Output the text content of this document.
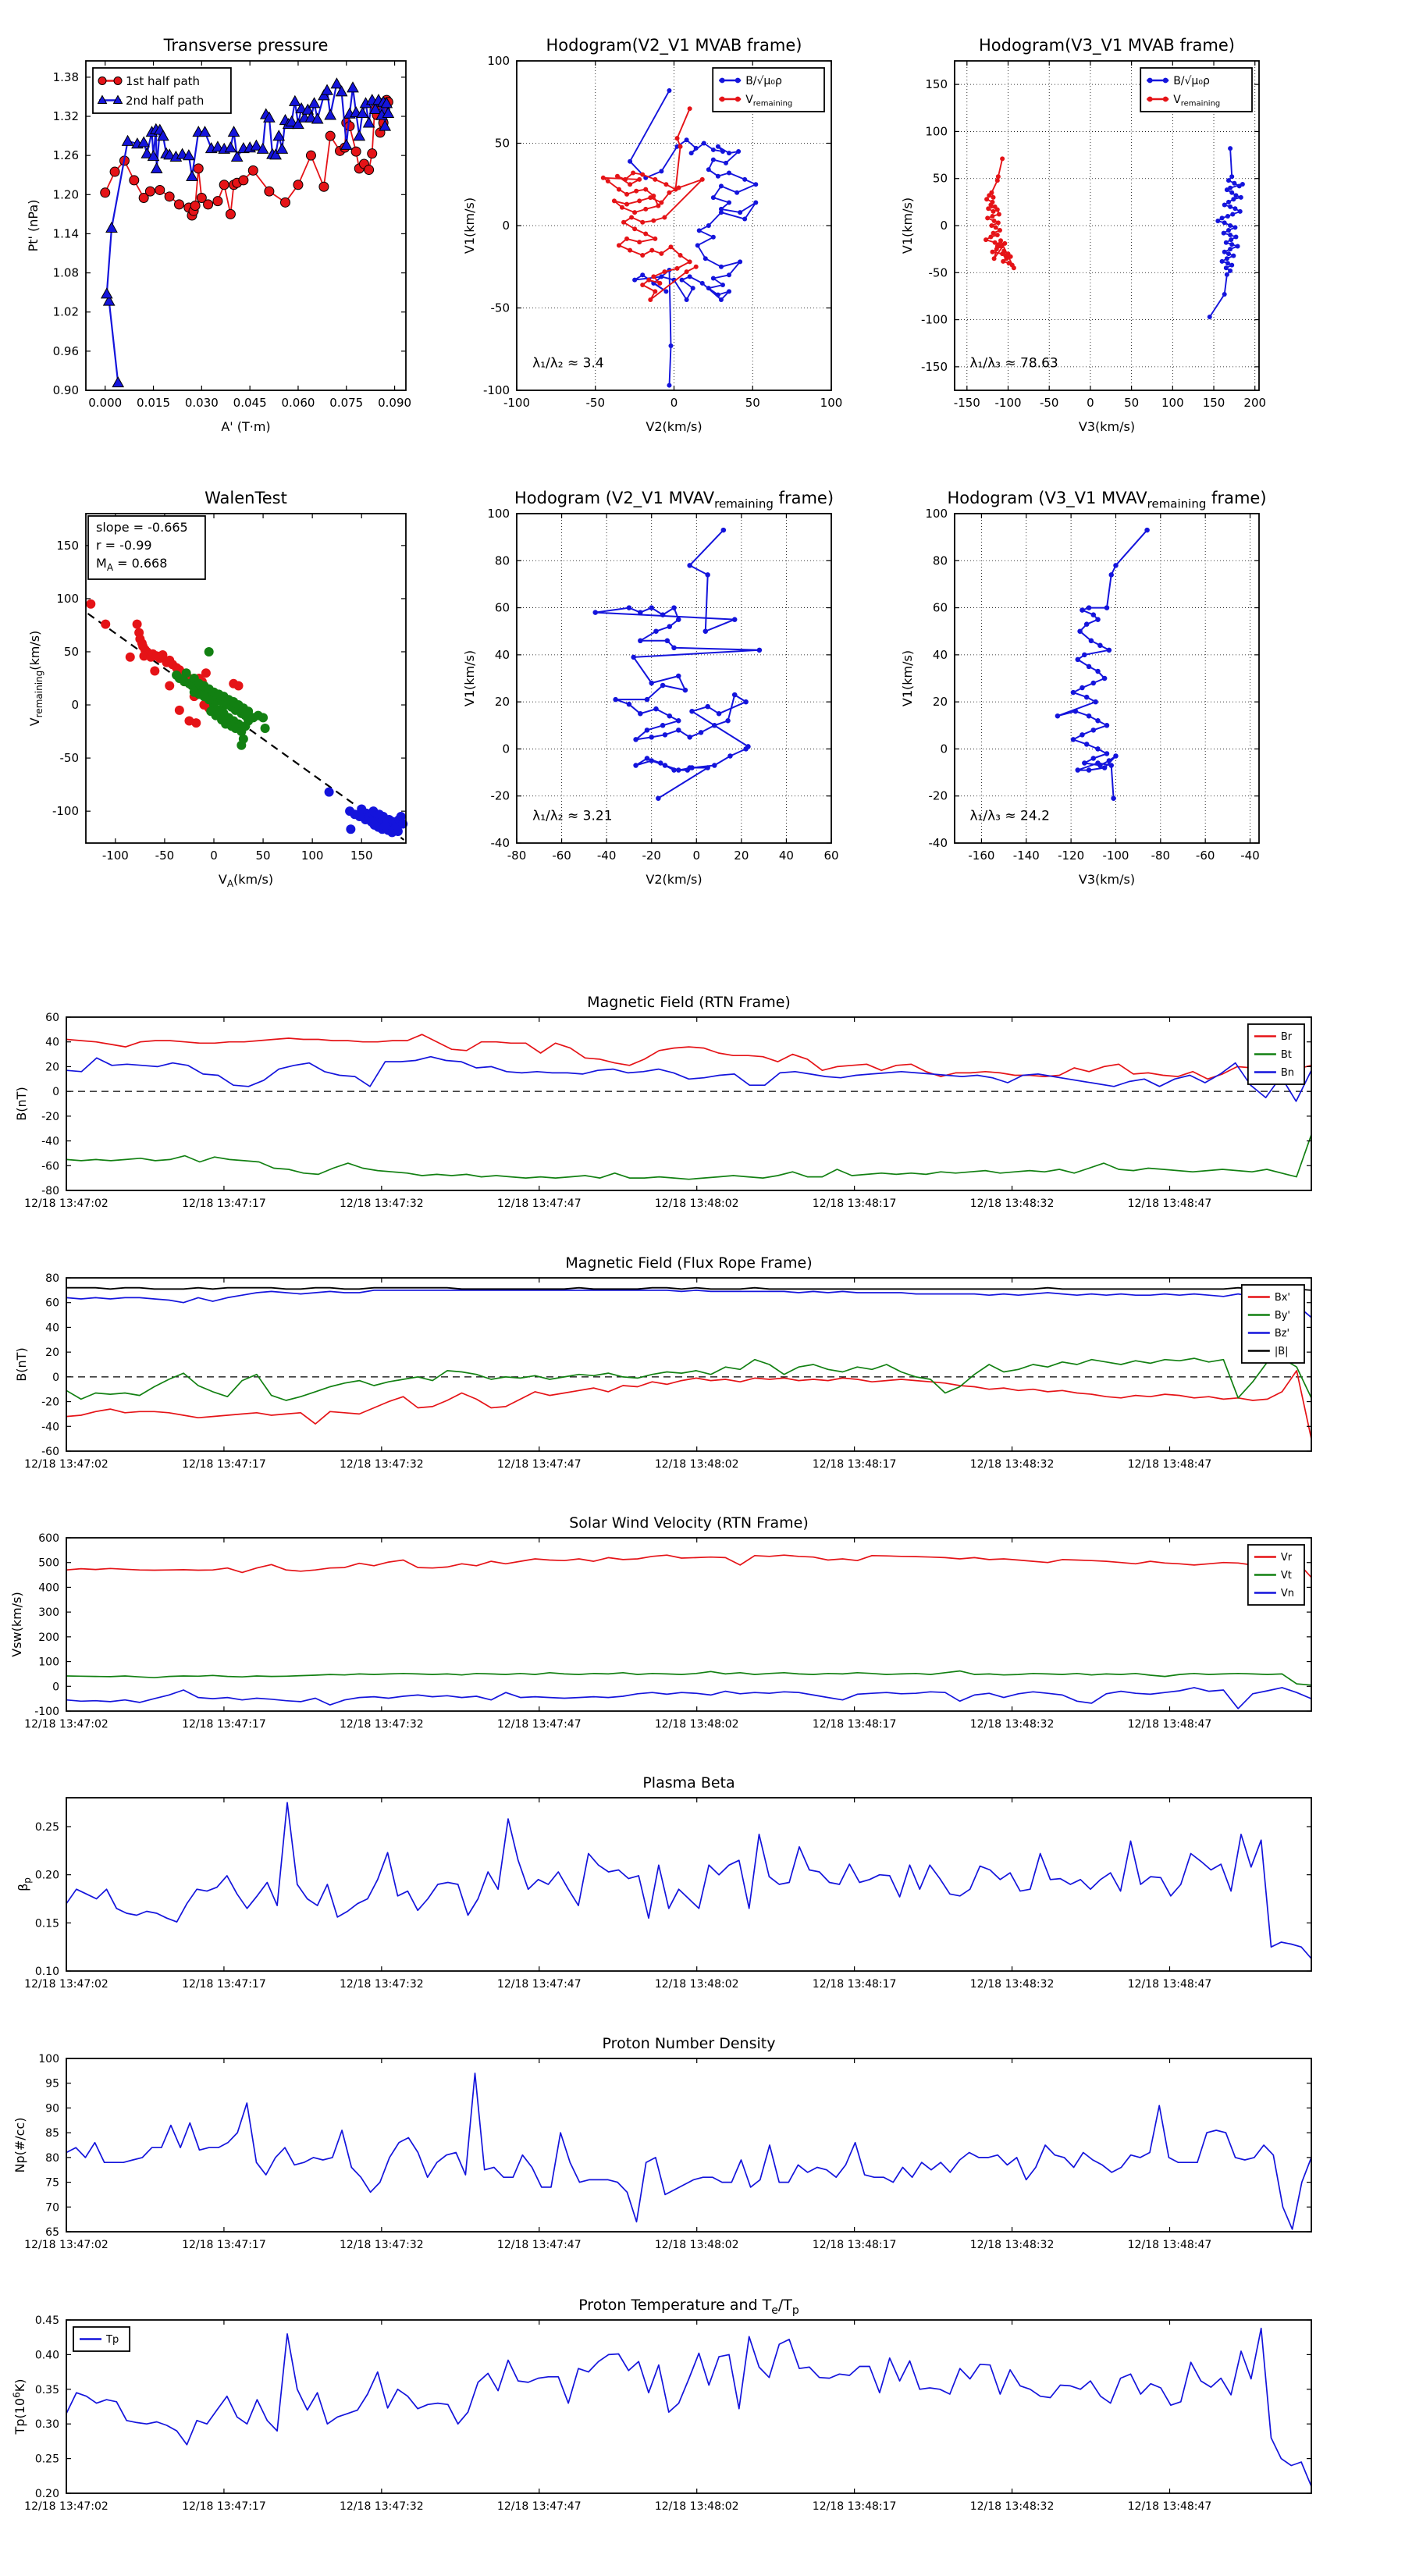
0.000 0.015 0.030 0.045 0.060 0.075 0.090
0.90
0.96
1.02
1.08
1.14
1.20
1.26
1.32
1.38
A' (T·m)
Pt' (nPa)
Transverse pressure
1st half path
2nd half path
-100	-50	0	50	100
-100
-50
0
50
100
V2(km/s)
V1(km/s)
Hodogram(V2_V1 MVAB frame)
λ₁/λ₂ ≈ 3.4
B/√μ₀ρ
$V_{remaining}$
-150 -100 -50 0	50 100 150 200
-150
-100
-50
0
50
100
150
V3(km/s)
V1(km/s)
Hodogram(V3_V1 MVAB frame)
λ₁/λ₃ ≈ 78.63
B/√μ₀ρ
$V_{remaining}$
-100 -50	0	50	100 150
-100
-50
0
50
100
150
$V_A(km/s)$
$V_{remaining}(km/s)$
WalenTest
slope = -0.665
r = -0.99
$M_A = 0.668$
-80 -60 -40 -20	0	20	40	60
-40
-20
0
20
40
60
80
100
V2(km/s)
V1(km/s)
Hodogram (V2_V1 $MVAV_{remaining}$ frame)
λ₁/λ₂ ≈ 3.21
-160 -140 -120 -100 -80 -60 -40
-40
-20
0
20
40
60
80
100
V3(km/s)
V1(km/s)
Hodogram (V3_V1 $MVAV_{remaining}$ frame)
λ₁/λ₃ ≈ 24.2
12/18 13:47:02	12/18 13:47:17	12/18 13:47:32	12/18 13:47:47	12/18 13:48:02	12/18 13:48:17	12/18 13:48:32	12/18 13:48:47
-80
-60
-40
-20
0
20
40
60
B(nT)
Magnetic Field (RTN Frame)
Br
Bt
Bn
12/18 13:47:02	12/18 13:47:17	12/18 13:47:32	12/18 13:47:47	12/18 13:48:02	12/18 13:48:17	12/18 13:48:32	12/18 13:48:47
-60
-40
-20
0
20
40
60
80
B(nT)
Magnetic Field (Flux Rope Frame)
Bx'
By'
Bz'
|B|
12/18 13:47:02	12/18 13:47:17	12/18 13:47:32	12/18 13:47:47	12/18 13:48:02	12/18 13:48:17	12/18 13:48:32	12/18 13:48:47
-100
0
100
200
300
400
500
600
Vsw(km/s)
Solar Wind Velocity (RTN Frame)
Vr
Vt
Vn
12/18 13:47:02	12/18 13:47:17	12/18 13:47:32	12/18 13:47:47	12/18 13:48:02	12/18 13:48:17	12/18 13:48:32	12/18 13:48:47
0.10
0.15
0.20
0.25
$\beta_p$
Plasma Beta
12/18 13:47:02	12/18 13:47:17	12/18 13:47:32	12/18 13:47:47	12/18 13:48:02	12/18 13:48:17	12/18 13:48:32	12/18 13:48:47
65
70
75
80
85
90
95
100
Np(#/cc)
Proton Number Density
12/18 13:47:02	12/18 13:47:17	12/18 13:47:32	12/18 13:47:47	12/18 13:48:02	12/18 13:48:17	12/18 13:48:32	12/18 13:48:47
0.20
0.25
0.30
0.35
0.40
0.45
$Tp(10^6K)$
Proton Temperature and $T_e/T_p$
Tp
